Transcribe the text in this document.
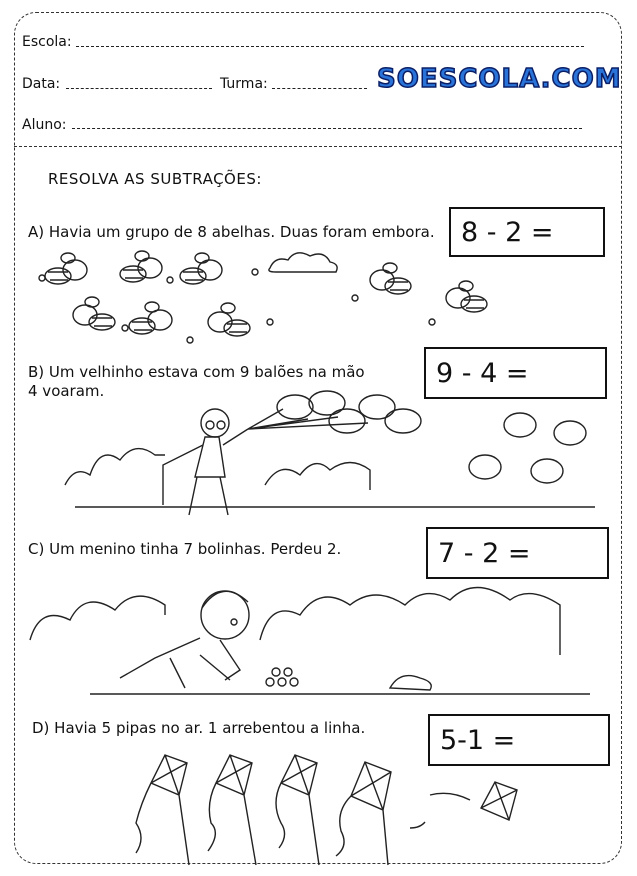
Escola:
Data:	Turma:	SOESCOLA.COM
Aluno:
RESOLVA AS SUBTRAÇÕES:
A) Havia um grupo de 8 abelhas. Duas foram embora. 8 - 2 =
B) Um velhinho estava com 9 balões na mão
4 voaram.
9 - 4 =
C) Um menino tinha 7 bolinhas. Perdeu 2.	7 - 2 =
D) Havia 5 pipas no ar. 1 arrebentou a linha.	5-1 =
